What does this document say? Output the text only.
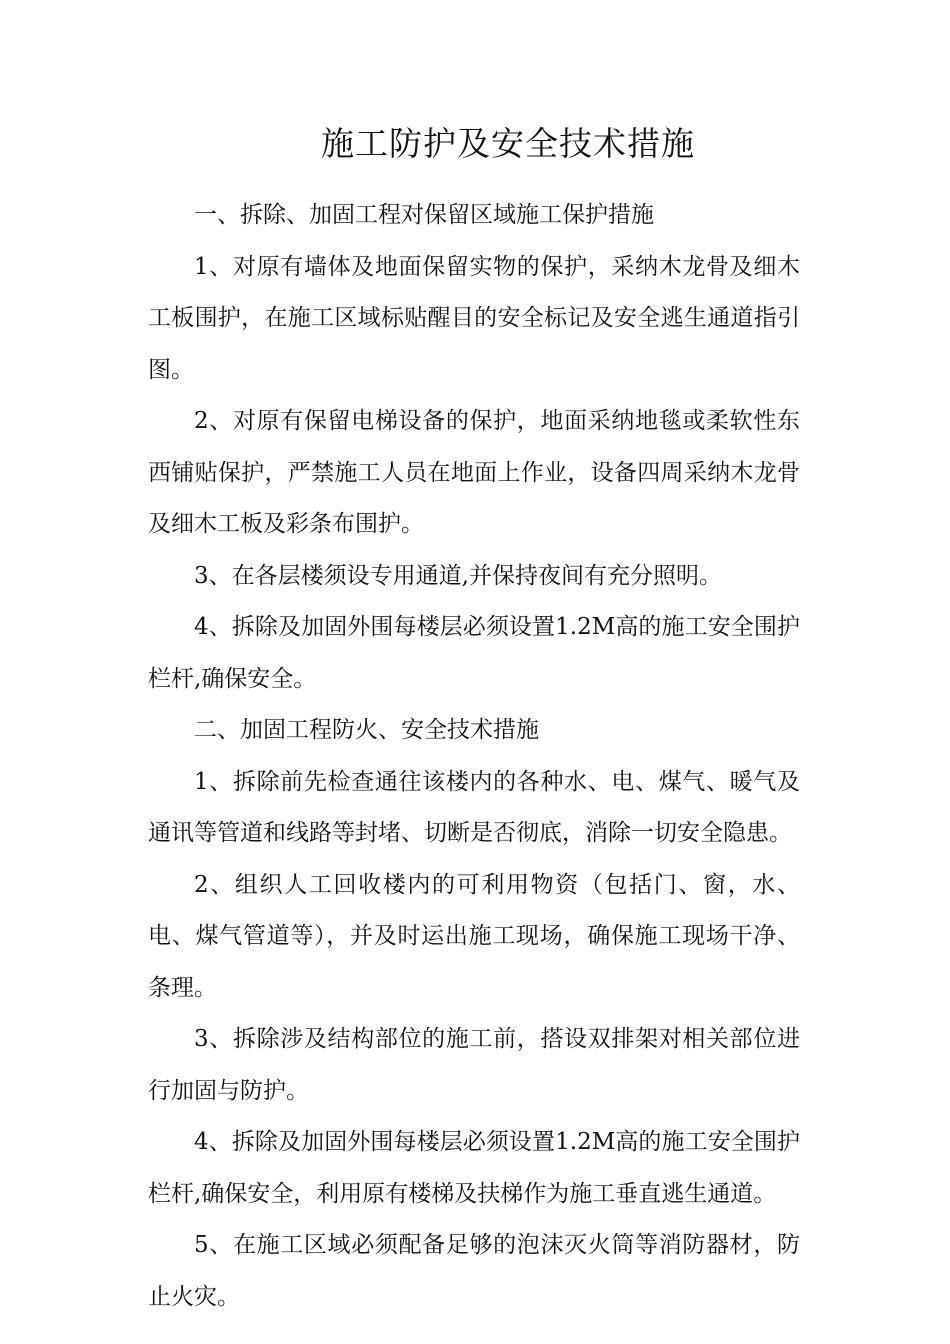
施工防护及安全技术措施

一、拆除、加固工程对保留区域施工保护措施

1、对原有墙体及地面保留实物的保护，采纳木龙骨及细木工板围护，在施工区域标贴醒目的安全标记及安全逃生通道指引图。

2、对原有保留电梯设备的保护，地面采纳地毯或柔软性东西铺贴保护，严禁施工人员在地面上作业，设备四周采纳木龙骨及细木工板及彩条布围护。

3、在各层楼须设专用通道,并保持夜间有充分照明。

4、拆除及加固外围每楼层必须设置1.2M高的施工安全围护栏杆,确保安全。

二、加固工程防火、安全技术措施

1、拆除前先检查通往该楼内的各种水、电、煤气、暖气及通讯等管道和线路等封堵、切断是否彻底，消除一切安全隐患。

2、组织人工回收楼内的可利用物资（包括门、窗，水、电、煤气管道等），并及时运出施工现场，确保施工现场干净、条理。

3、拆除涉及结构部位的施工前，搭设双排架对相关部位进行加固与防护。

4、拆除及加固外围每楼层必须设置1.2M高的施工安全围护栏杆,确保安全，利用原有楼梯及扶梯作为施工垂直逃生通道。

5、在施工区域必须配备足够的泡沫灭火筒等消防器材，防止火灾。
